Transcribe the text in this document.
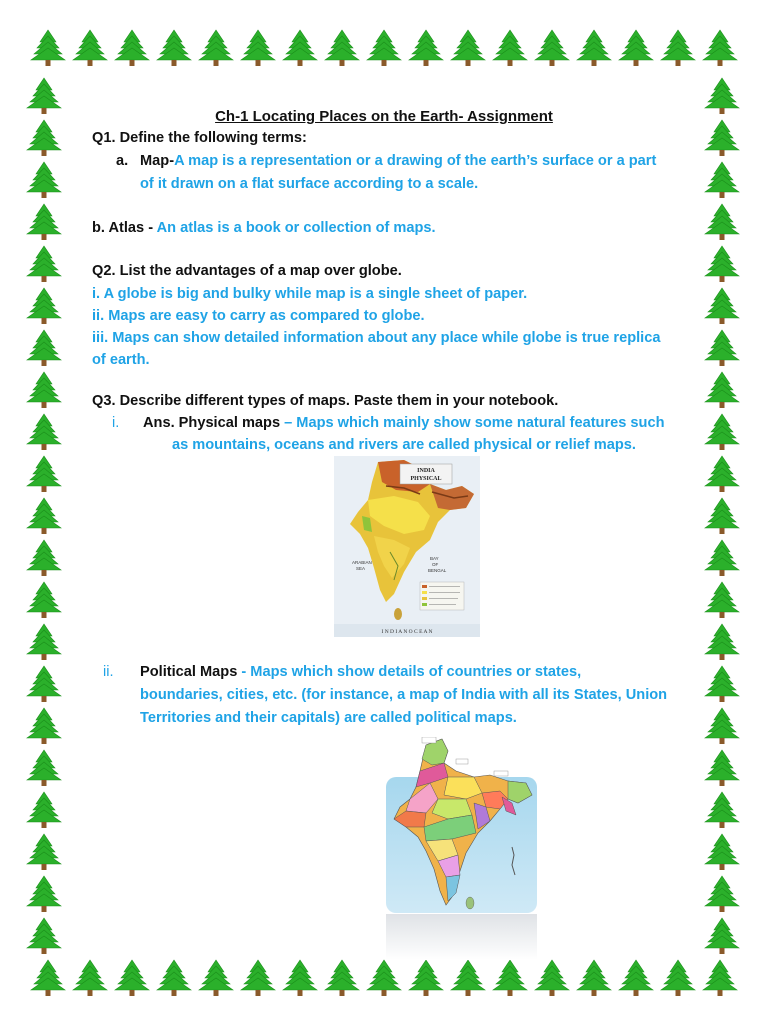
Ch-1 Locating Places on the Earth- Assignment
Q1. Define the following terms:
a. Map-A map is a representation or a drawing of the earth’s surface or a part
of it drawn on a flat surface according to a scale.
b. Atlas - An atlas is a book or collection of maps.
Q2. List the advantages of a map over globe.
i. A globe is big and bulky while map is a single sheet of paper.
ii. Maps are easy to carry as compared to globe.
iii. Maps can show detailed information about any place while globe is true replica
of earth.
Q3. Describe different types of maps. Paste them in your notebook.
i. Ans. Physical maps – Maps which mainly show some natural features such
as mountains, oceans and rivers are called physical or relief maps.
INDIA
PHYSICAL
ARABIAN
SEA
BAY
OF
BENGAL
I N D I A N O C E A N
ii. Political Maps - Maps which show details of countries or states,
boundaries, cities, etc. (for instance, a map of India with all its States, Union
Territories and their capitals) are called political maps.
